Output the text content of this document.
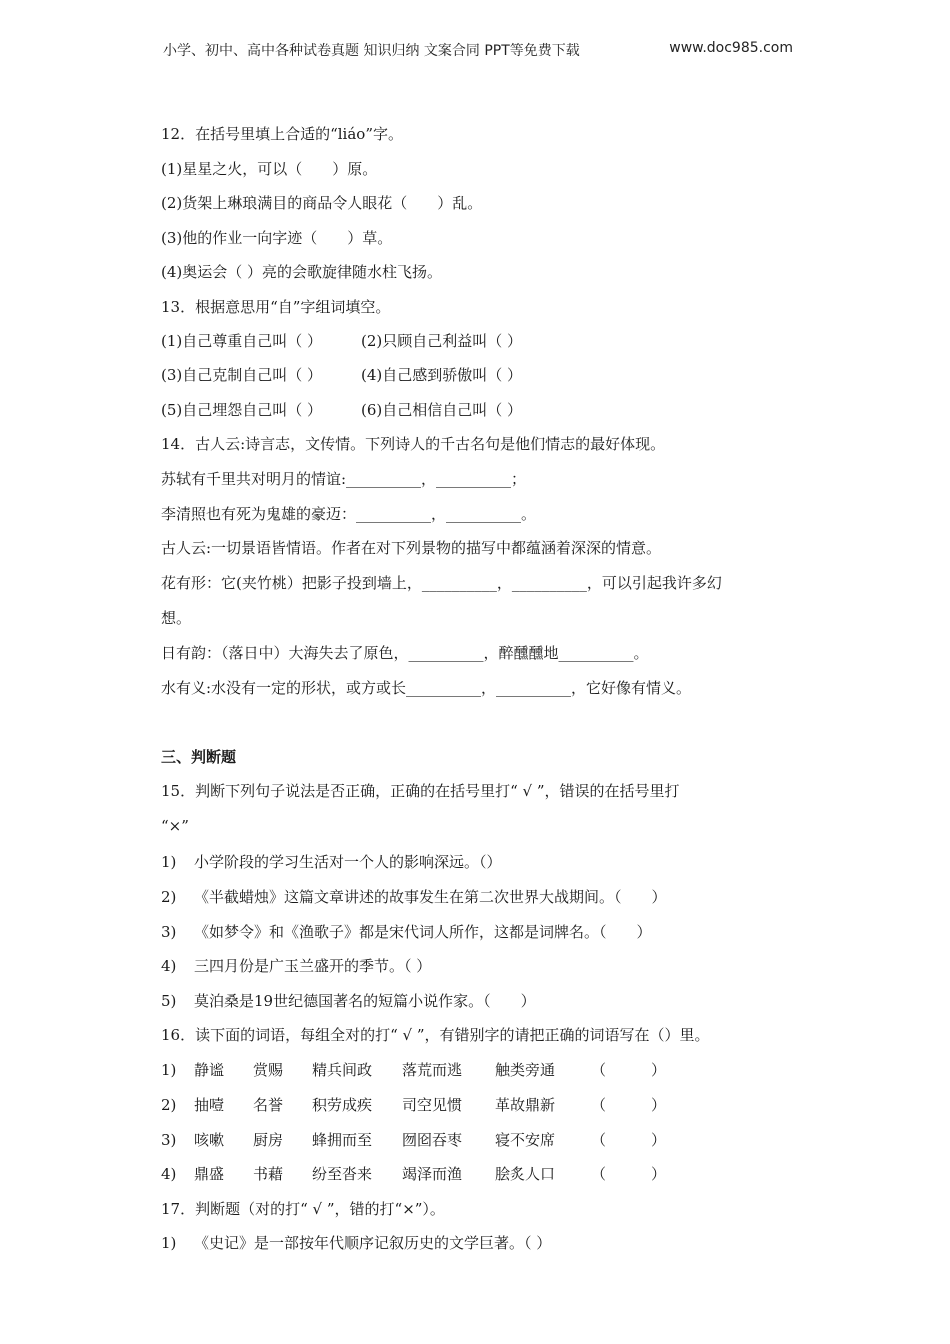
小学、初中、高中各种试卷真题 知识归纳 文案合同 PPT等免费下载	www.doc985.com
12．在括号里填上合适的“liáo”字。
(1)星星之火，可以（　　）原。
(2)货架上琳琅满目的商品令人眼花（　　）乱。
(3)他的作业一向字迹（　　）草。
(4)奥运会（ ）亮的会歌旋律随水柱飞扬。
13．根据意思用“自”字组词填空。
(1)自己尊重自己叫（ ）	(2)只顾自己利益叫（ ）
(3)自己克制自己叫（ ）	(4)自己感到骄傲叫（ ）
(5)自己埋怨自己叫（ ）	(6)自己相信自己叫（ ）
14．古人云:诗言志，文传情。下列诗人的千古名句是他们情志的最好体现。
苏轼有千里共对明月的情谊:__________，__________；
李清照也有死为鬼雄的豪迈：__________，__________。
古人云:一切景语皆情语。作者在对下列景物的描写中都蕴涵着深深的情意。
花有形：它(夹竹桃）把影子投到墙上，__________，__________，可以引起我许多幻
想。
日有韵：（落日中）大海失去了原色，__________，醉醺醺地__________。
水有义:水没有一定的形状，或方或长__________，__________，它好像有情义。
三、判断题
15．判断下列句子说法是否正确，正确的在括号里打“ √ ”，错误的在括号里打
“×”
1) 小学阶段的学习生活对一个人的影响深远。（）
2) 《半截蜡烛》这篇文章讲述的故事发生在第二次世界大战期间。（　　）
3) 《如梦令》和《渔歌子》都是宋代词人所作，这都是词牌名。（　　）
4) 三四月份是广玉兰盛开的季节。（ ）
5) 莫泊桑是19世纪德国著名的短篇小说作家。（　　）
16．读下面的词语，每组全对的打“ √ ”，有错别字的请把正确的词语写在（）里。
1) 静谧 赏赐 精兵间政 落荒而逃 触类旁通 （　　　）
2) 抽噎 名誉 积劳成疾 司空见惯 革故鼎新 （　　　）
3) 咳嗽 厨房 蜂拥而至 囫囵吞枣 寝不安席 （　　　）
4) 鼎盛 书藉 纷至沓来 竭泽而渔 脍炙人口 （　　　）
17．判断题（对的打“ √ ”，错的打“×”）。
1) 《史记》是一部按年代顺序记叙历史的文学巨著。（ ）
